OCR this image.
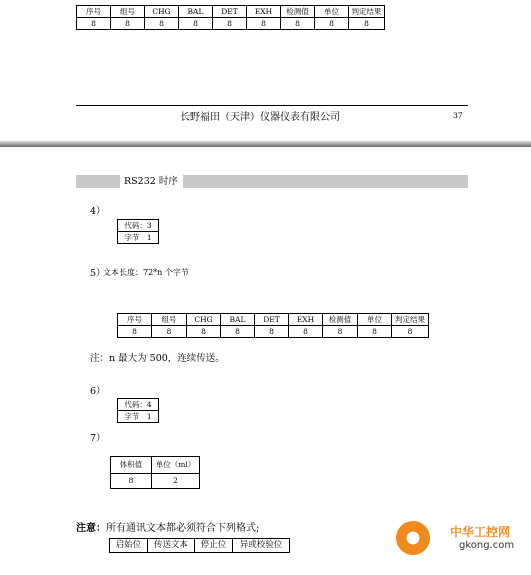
序号	组号	CHG	BAL	DET	EXH	检测值	单位	判定结果
8	8	8	8	8	8	8	8	8
长野福田（天津）仪器仪表有限公司	37
RS232 时序
4）
代码：3
字节　1
5）
文本长度：72*n 个字节
序号	组号	CHG	BAL	DET	EXH	检测值	单位	判定结果
8	8	8	8	8	8	8	8	8
注：n 最大为 500，连续传送。
6）
代码：4
字节　1
7）
体积值	单位（ml）
8	2
注意：所有通讯文本都必须符合下列格式;
启始位	传送文本	停止位	异或校验位
中华工控网
gkong.com
